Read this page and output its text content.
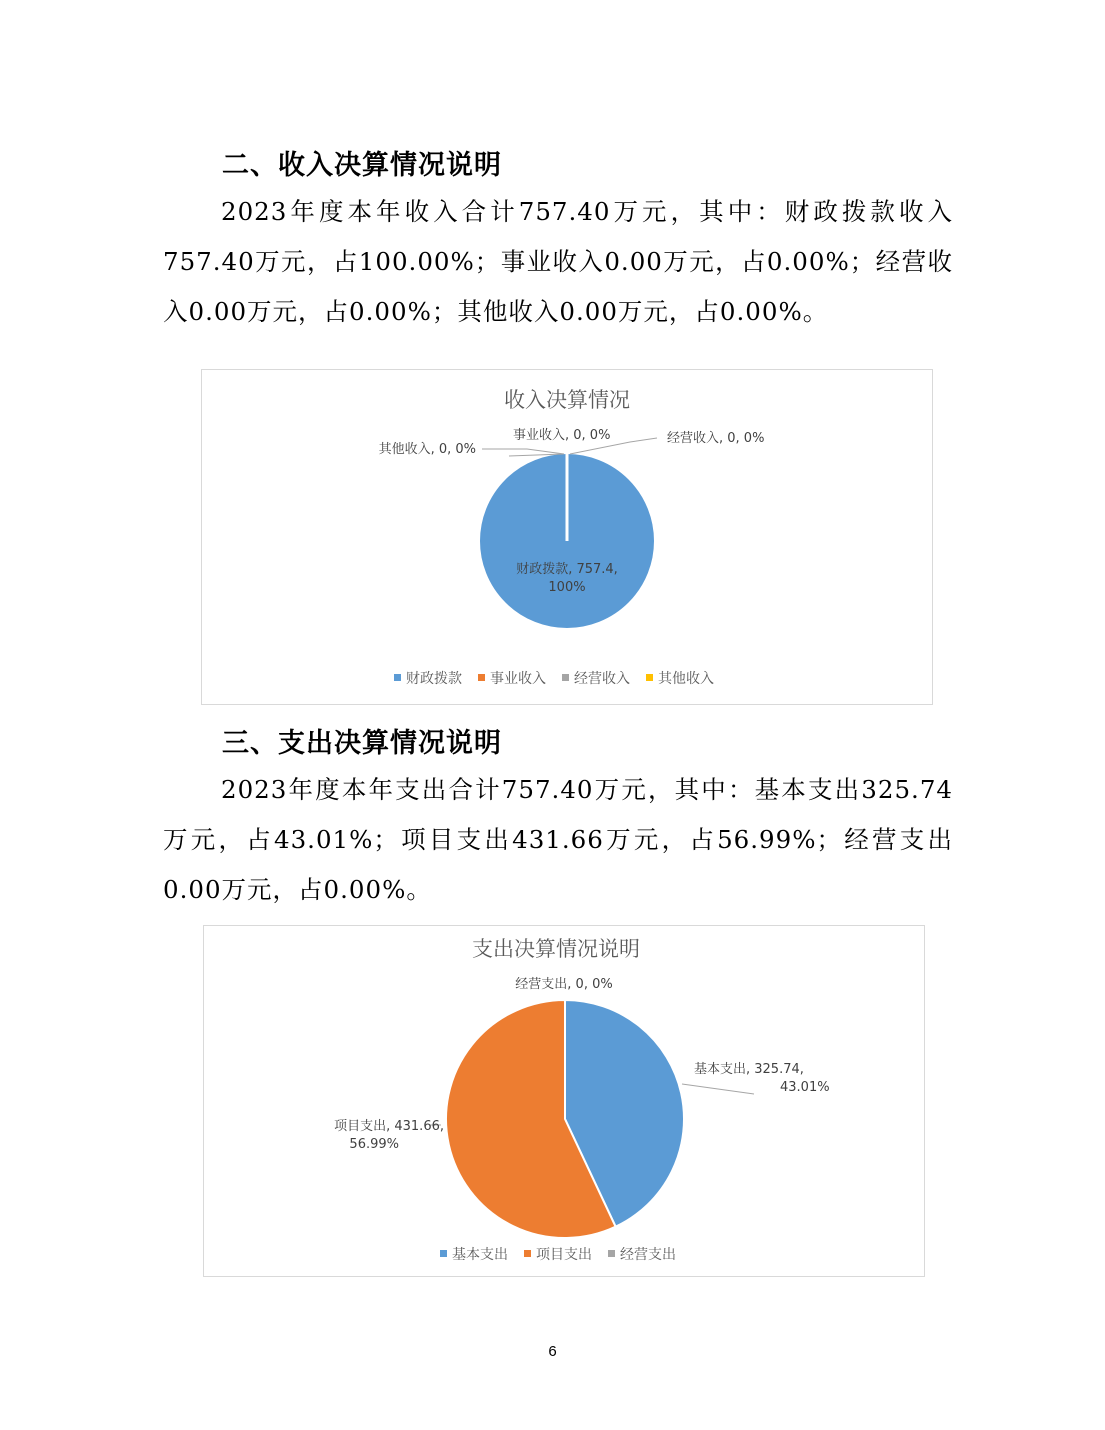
二、收入决算情况说明

2023年度本年收入合计757.40万元，其中：财政拨款收入757.40万元，占100.00%；事业收入0.00万元，占0.00%；经营收入0.00万元，占0.00%；其他收入0.00万元，占0.00%。

收入决算情况
财政拨款, 757.4,
100%
事业收入, 0, 0%	经营收入, 0, 0%
其他收入, 0, 0%
财政拨款 事业收入 经营收入 其他收入
三、支出决算情况说明

2023年度本年支出合计757.40万元，其中：基本支出325.74万元，占43.01%；项目支出431.66万元，占56.99%；经营支出0.00万元，占0.00%。

支出决算情况说明
基本支出, 325.74,
43.01%
项目支出, 431.66,
56.99%
经营支出, 0, 0%
基本支出 项目支出 经营支出
6
